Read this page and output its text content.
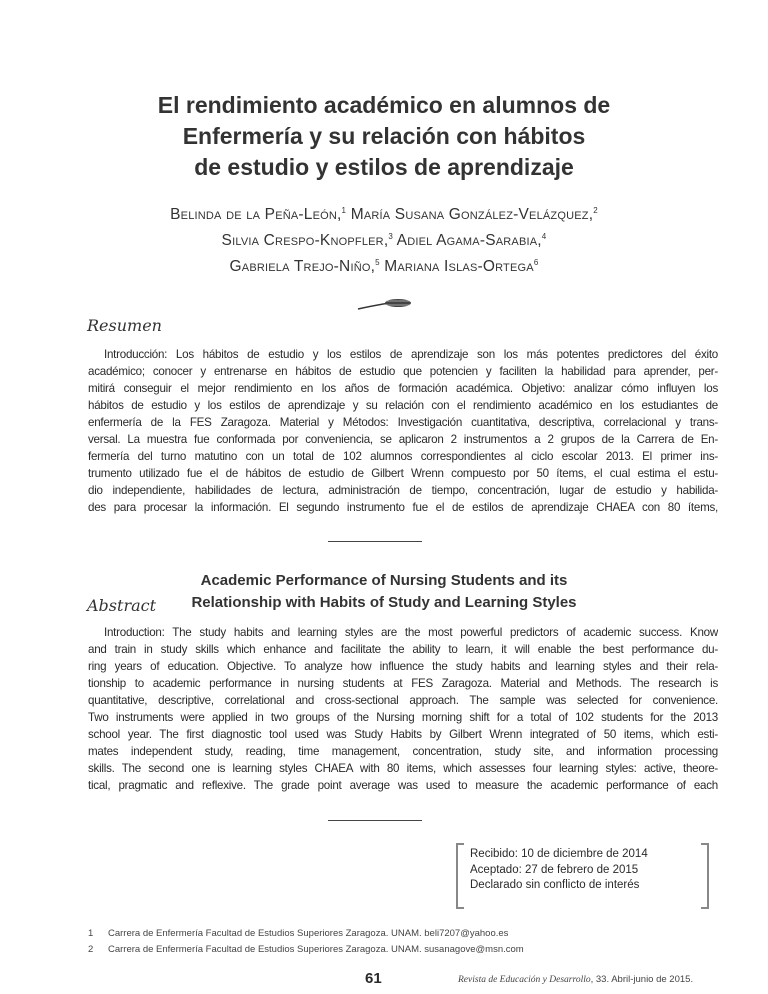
El rendimiento académico en alumnos de
Enfermería y su relación con hábitos
de estudio y estilos de aprendizaje
Belinda de la Peña-León,$^1$ María Susana González-Velázquez,$^2$
Silvia Crespo-Knopfler,$^3$ Adiel Agama-Sarabia,$^4$
Gabriela Trejo-Niño,$^5$ Mariana Islas-Ortega$^6$
Resumen
Introducción: Los hábitos de estudio y los estilos de aprendizaje son los más potentes predictores del éxito
académico; conocer y entrenarse en hábitos de estudio que potencien y faciliten la habilidad para aprender, per-
mitirá conseguir el mejor rendimiento en los años de formación académica. Objetivo: analizar cómo influyen los
hábitos de estudio y los estilos de aprendizaje y su relación con el rendimiento académico en los estudiantes de
enfermería de la FES Zaragoza. Material y Métodos: Investigación cuantitativa, descriptiva, correlacional y trans-
versal. La muestra fue conformada por conveniencia, se aplicaron 2 instrumentos a 2 grupos de la Carrera de En-
fermería del turno matutino con un total de 102 alumnos correspondientes al ciclo escolar 2013. El primer ins-
trumento utilizado fue el de hábitos de estudio de Gilbert Wrenn compuesto por 50 ítems, el cual estima el estu-
dio independiente, habilidades de lectura, administración de tiempo, concentración, lugar de estudio y habilida-
des para procesar la información. El segundo instrumento fue el de estilos de aprendizaje CHAEA con 80 ítems,
Academic Performance of Nursing Students and its
Relationship with Habits of Study and Learning Styles
Abstract
Introduction: The study habits and learning styles are the most powerful predictors of academic success. Know
and train in study skills which enhance and facilitate the ability to learn, it will enable the best performance du-
ring years of education. Objective. To analyze how influence the study habits and learning styles and their rela-
tionship to academic performance in nursing students at FES Zaragoza. Material and Methods. The research is
quantitative, descriptive, correlational and cross-sectional approach. The sample was selected for convenience.
Two instruments were applied in two groups of the Nursing morning shift for a total of 102 students for the 2013
school year. The first diagnostic tool used was Study Habits by Gilbert Wrenn integrated of 50 items, which esti-
mates independent study, reading, time management, concentration, study site, and information processing
skills. The second one is learning styles CHAEA with 80 items, which assesses four learning styles: active, theore-
tical, pragmatic and reflexive. The grade point average was used to measure the academic performance of each
Recibido: 10 de diciembre de 2014
Aceptado: 27 de febrero de 2015
Declarado sin conflicto de interés
1 Carrera de Enfermería Facultad de Estudios Superiores Zaragoza. UNAM. beli7207@yahoo.es
2 Carrera de Enfermería Facultad de Estudios Superiores Zaragoza. UNAM. susanagove@msn.com
61	Revista de Educación y Desarrollo, 33. Abril-junio de 2015.
